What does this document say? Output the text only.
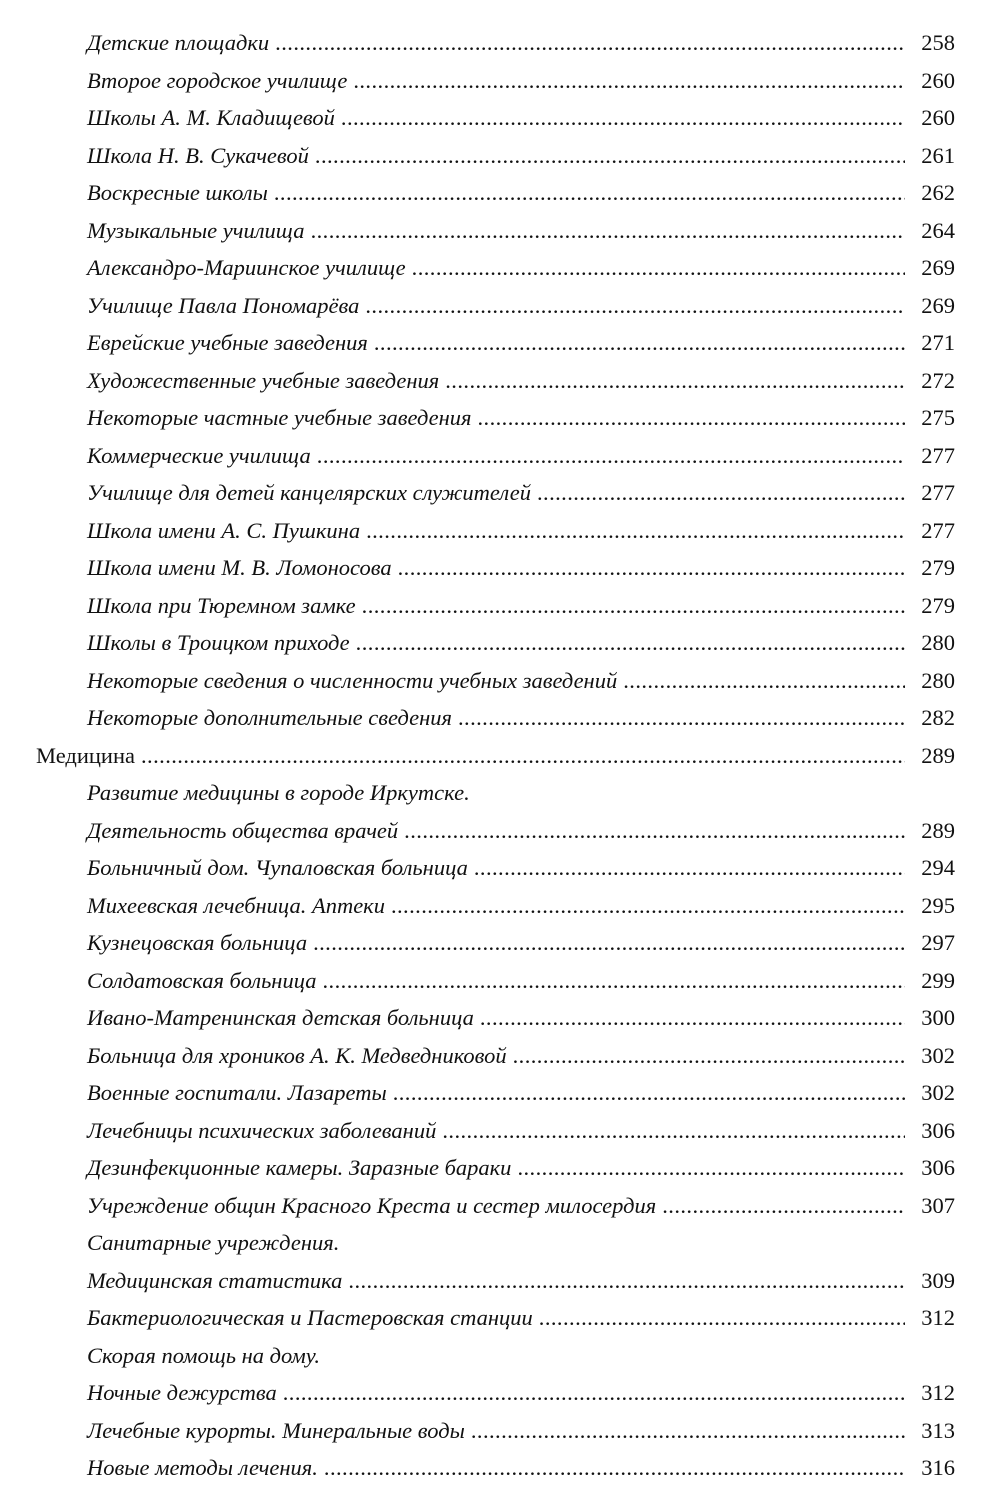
Детские площадки . . .	258
Второе городское училище . . .	260
Школы А. М. Кладищевой . . .	260
Школа Н. В. Сукачевой . . .	261
Воскресные школы . . .	262
Музыкальные училища . . .	264
Александро-Мариинское училище . . .	269
Училище Павла Пономарёва . . .	269
Еврейские учебные заведения . . .	271
Художественные учебные заведения . . .	272
Некоторые частные учебные заведения . . .	275
Коммерческие училища . . .	277
Училище для детей канцелярских служителей . . .	277
Школа имени А. С. Пушкина . . .	277
Школа имени М. В. Ломоносова . . .	279
Школа при Тюремном замке . . .	279
Школы в Троицком приходе . . .	280
Некоторые сведения о численности учебных заведений . . .	280
Некоторые дополнительные сведения . . .	282
Медицина . . .	289
Развитие медицины в городе Иркутске.
Деятельность общества врачей . . .	289
Больничный дом. Чупаловская больница . . .	294
Михеевская лечебница. Аптеки . . .	295
Кузнецовская больница . . .	297
Солдатовская больница . . .	299
Ивано-Матренинская детская больница . . .	300
Больница для хроников А. К. Медведниковой . . .	302
Военные госпитали. Лазареты . . .	302
Лечебницы психических заболеваний . . .	306
Дезинфекционные камеры. Заразные бараки . . .	306
Учреждение общин Красного Креста и сестер милосердия . . .	307
Санитарные учреждения.
Медицинская статистика . . .	309
Бактериологическая и Пастеровская станции . . .	312
Скорая помощь на дому.
Ночные дежурства . . .	312
Лечебные курорты. Минеральные воды . . .	313
Новые методы лечения. . . .	316
